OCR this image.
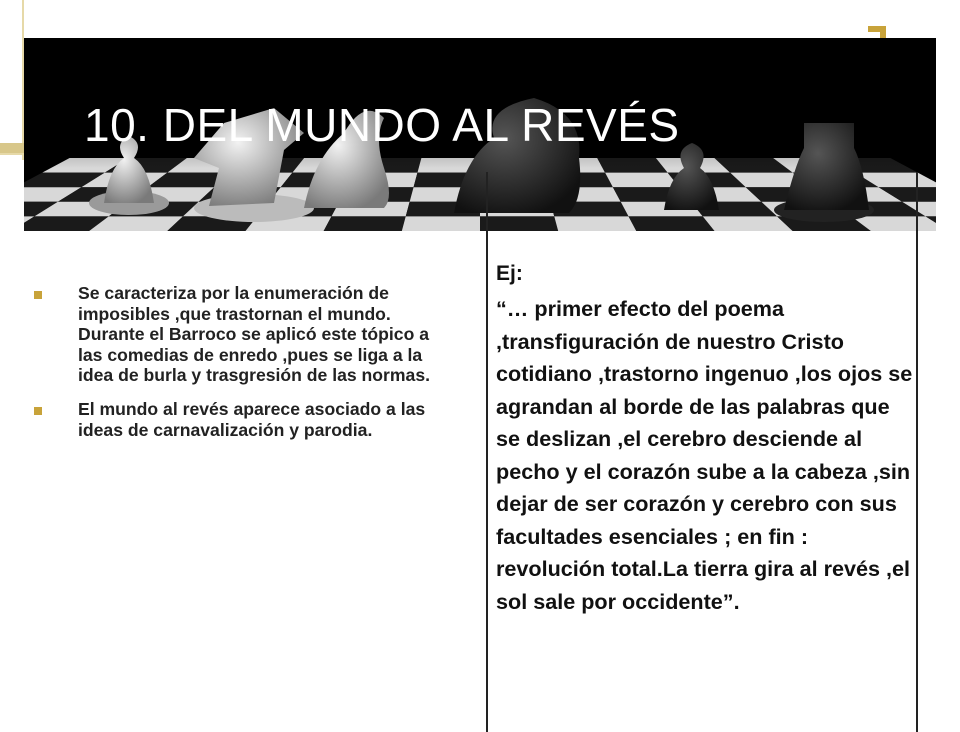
10. DEL MUNDO AL REVÉS
Se caracteriza por la enumeración de imposibles ,que trastornan el mundo. Durante el Barroco se aplicó este tópico a las comedias de enredo ,pues se liga a la idea de burla y trasgresión de las normas.
El mundo al revés aparece asociado a las ideas de carnavalización y parodia.

Ej:

“… primer efecto del poema ,transfiguración de nuestro Cristo cotidiano ,trastorno ingenuo ,los ojos se agrandan al borde de las palabras que se deslizan ,el cerebro desciende al pecho y el corazón sube a la cabeza ,sin dejar de ser corazón y cerebro con sus facultades esenciales ; en fin : revolución total.La tierra gira al revés ,el sol sale por occidente”.
